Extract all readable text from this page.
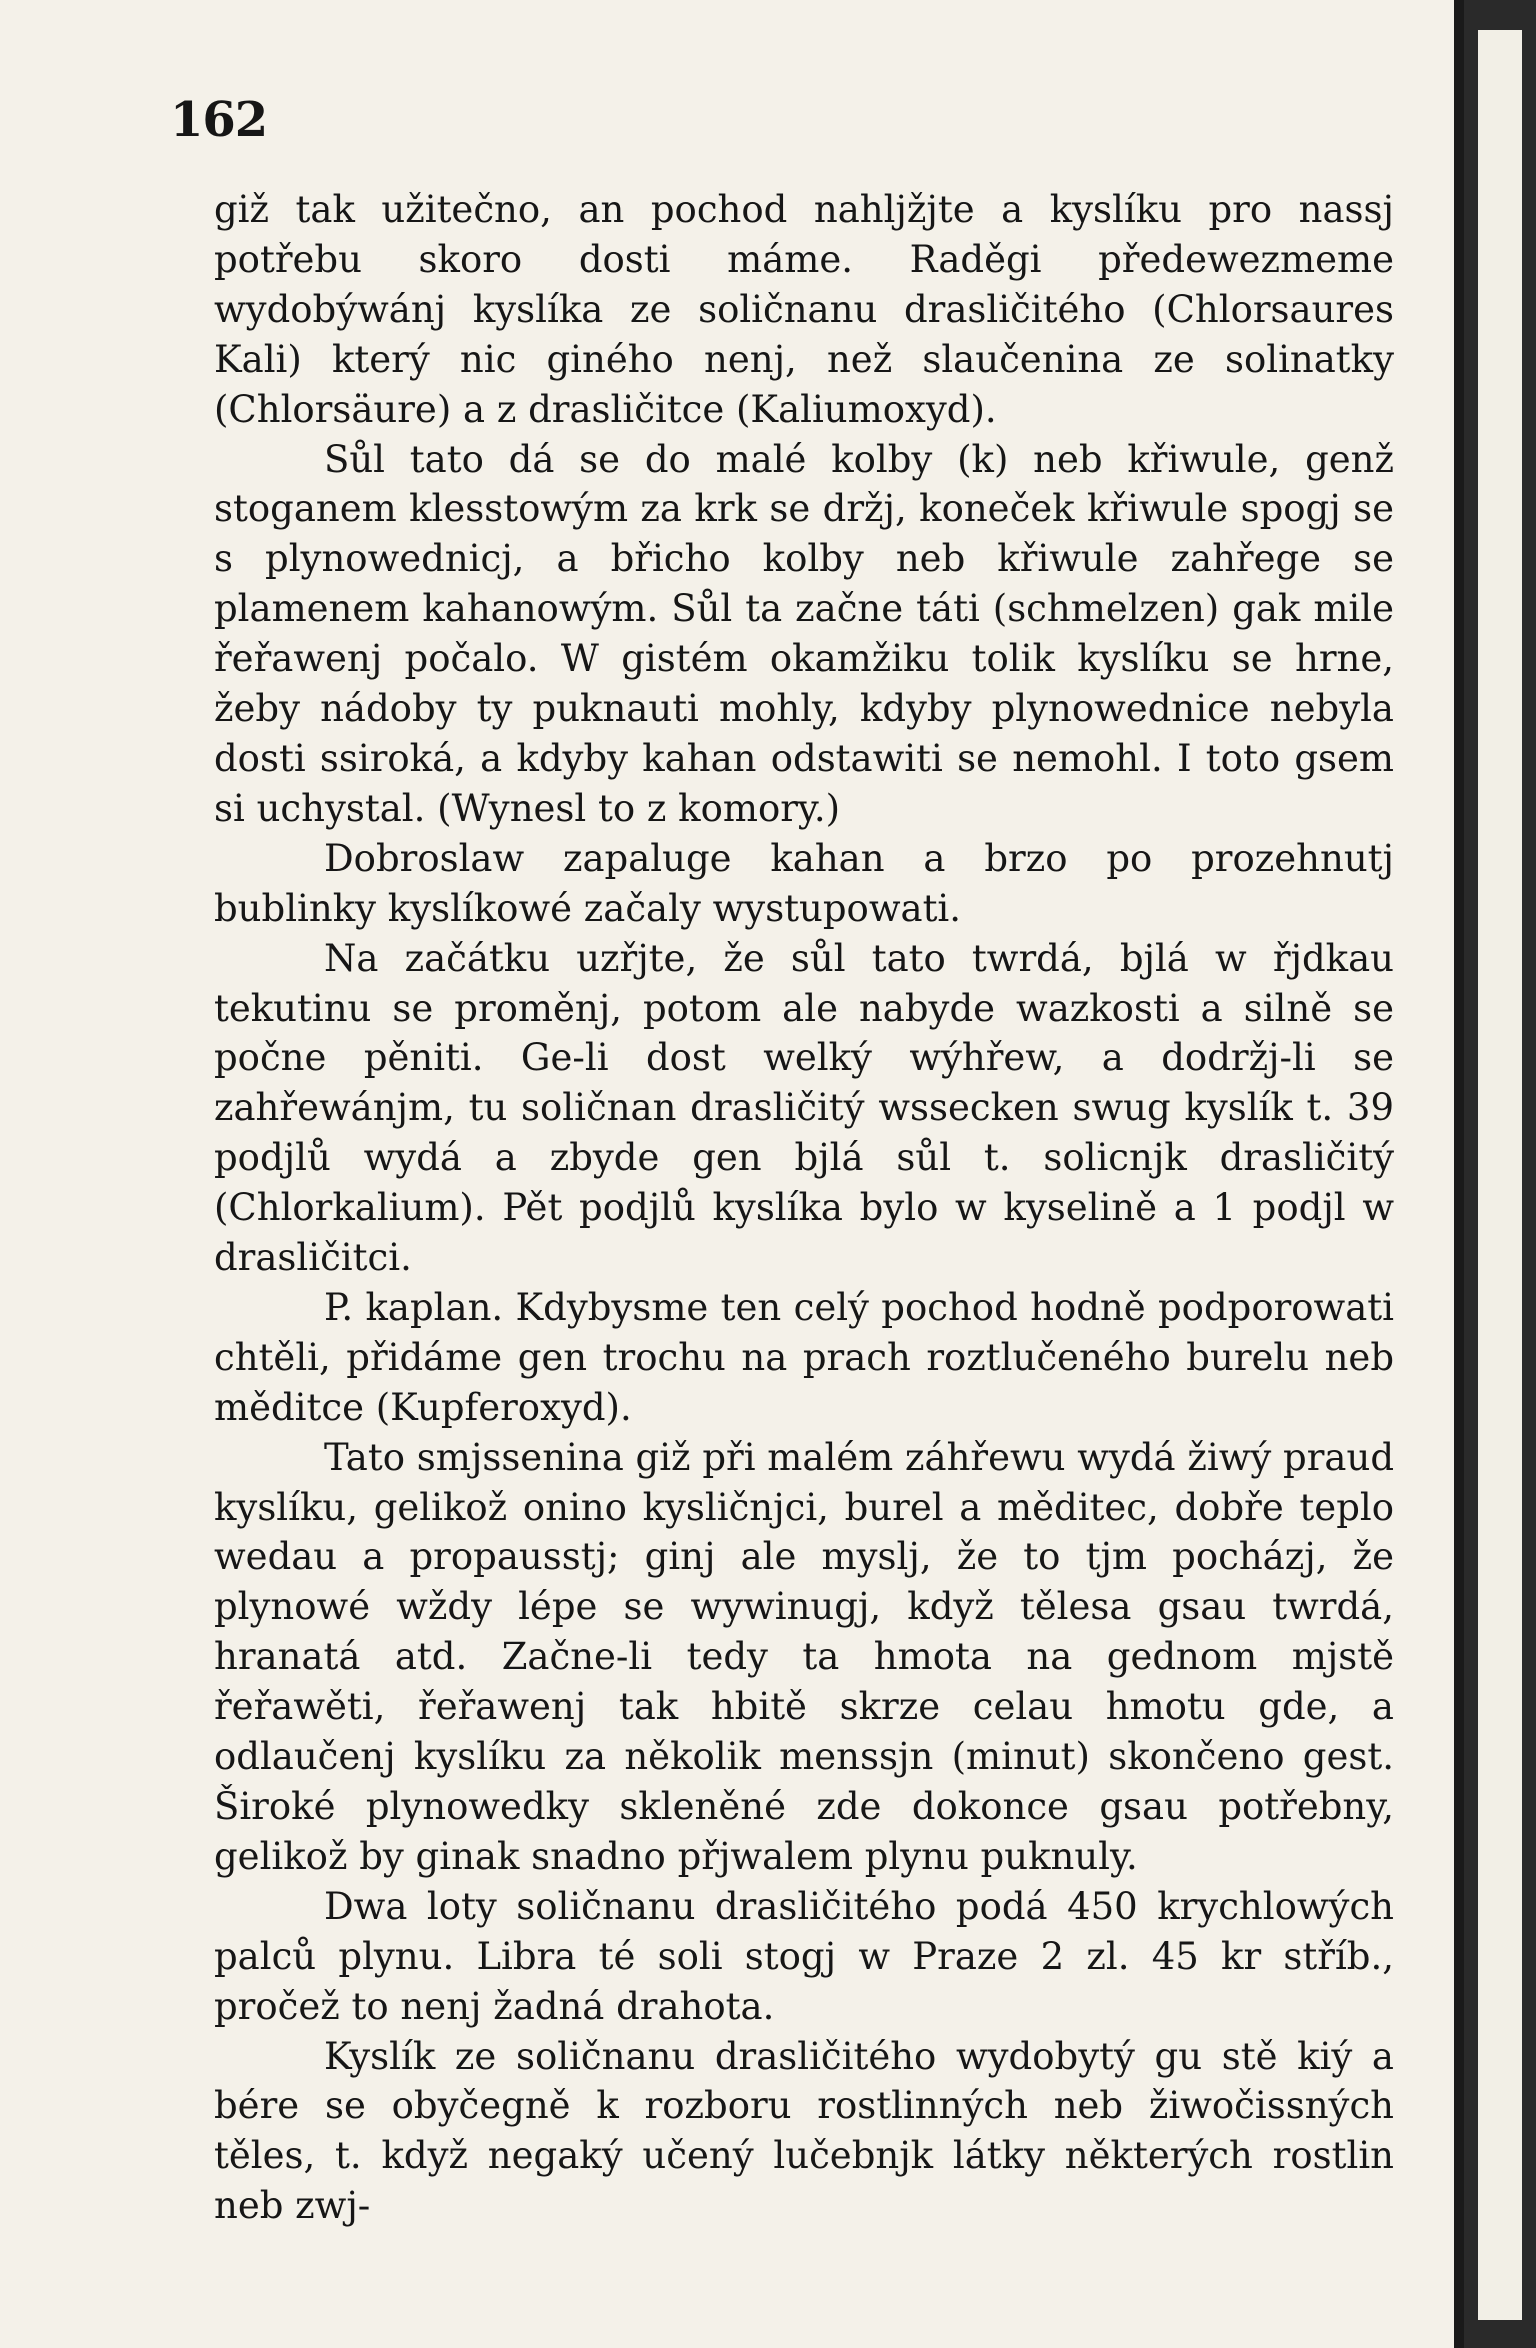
162

giž tak užitečno, an pochod nahljžjte a kyslíku pro nassj potřebu skoro dosti máme. Raděgi předewezmeme wydobýwánj kyslíka ze soličnanu drasličitého (Chlorsaures Kali) který nic giného nenj, než slaučenina ze solinatky (Chlorsäure) a z drasličitce (Kaliumoxyd).

Sůl tato dá se do malé kolby (k) neb křiwule, genž stoganem klesstowým za krk se držj, koneček křiwule spogj se s plynowednicj, a břicho kolby neb křiwule zahřege se plamenem kahanowým. Sůl ta začne táti (schmelzen) gak mile řeřawenj počalo. W gistém okamžiku tolik kyslíku se hrne, žeby nádoby ty puknauti mohly, kdyby plynowednice nebyla dosti ssiroká, a kdyby kahan odstawiti se nemohl. I toto gsem si uchystal. (Wynesl to z komory.)

Dobroslaw zapaluge kahan a brzo po prozehnutj bublinky kyslíkowé začaly wystupowati.

Na začátku uzřjte, že sůl tato twrdá, bjlá w řjdkau tekutinu se proměnj, potom ale nabyde wazkosti a silně se počne pěniti. Ge-li dost welký wýhřew, a dodržj-li se zahřewánjm, tu soličnan drasličitý wssecken swug kyslík t. 39 podjlů wydá a zbyde gen bjlá sůl t. solicnjk drasličitý (Chlorkalium). Pět podjlů kyslíka bylo w kyselině a 1 podjl w drasličitci.

P. kaplan. Kdybysme ten celý pochod hodně podporowati chtěli, přidáme gen trochu na prach roztlučeného burelu neb měditce (Kupferoxyd).

Tato smjssenina giž při malém záhřewu wydá žiwý praud kyslíku, gelikož onino kysličnjci, burel a měditec, dobře teplo wedau a propausstj; ginj ale myslj, že to tjm pocházj, že plynowé wždy lépe se wywinugj, když tělesa gsau twrdá, hranatá atd. Začne-li tedy ta hmota na gednom mjstě řeřawěti, řeřawenj tak hbitě skrze celau hmotu gde, a odlaučenj kyslíku za několik menssjn (minut) skončeno gest. Široké plynowedky skleněné zde dokonce gsau potřebny, gelikož by ginak snadno přjwalem plynu puknuly.

Dwa loty soličnanu drasličitého podá 450 krychlowých palců plynu. Libra té soli stogj w Praze 2 zl. 45 kr stříb., pročež to nenj žadná drahota.

Kyslík ze soličnanu drasličitého wydobytý gu stě kiý a bére se obyčegně k rozboru rostlinných neb žiwočissných těles, t. když negaký učený lučebnjk látky některých rostlin neb zwj-
